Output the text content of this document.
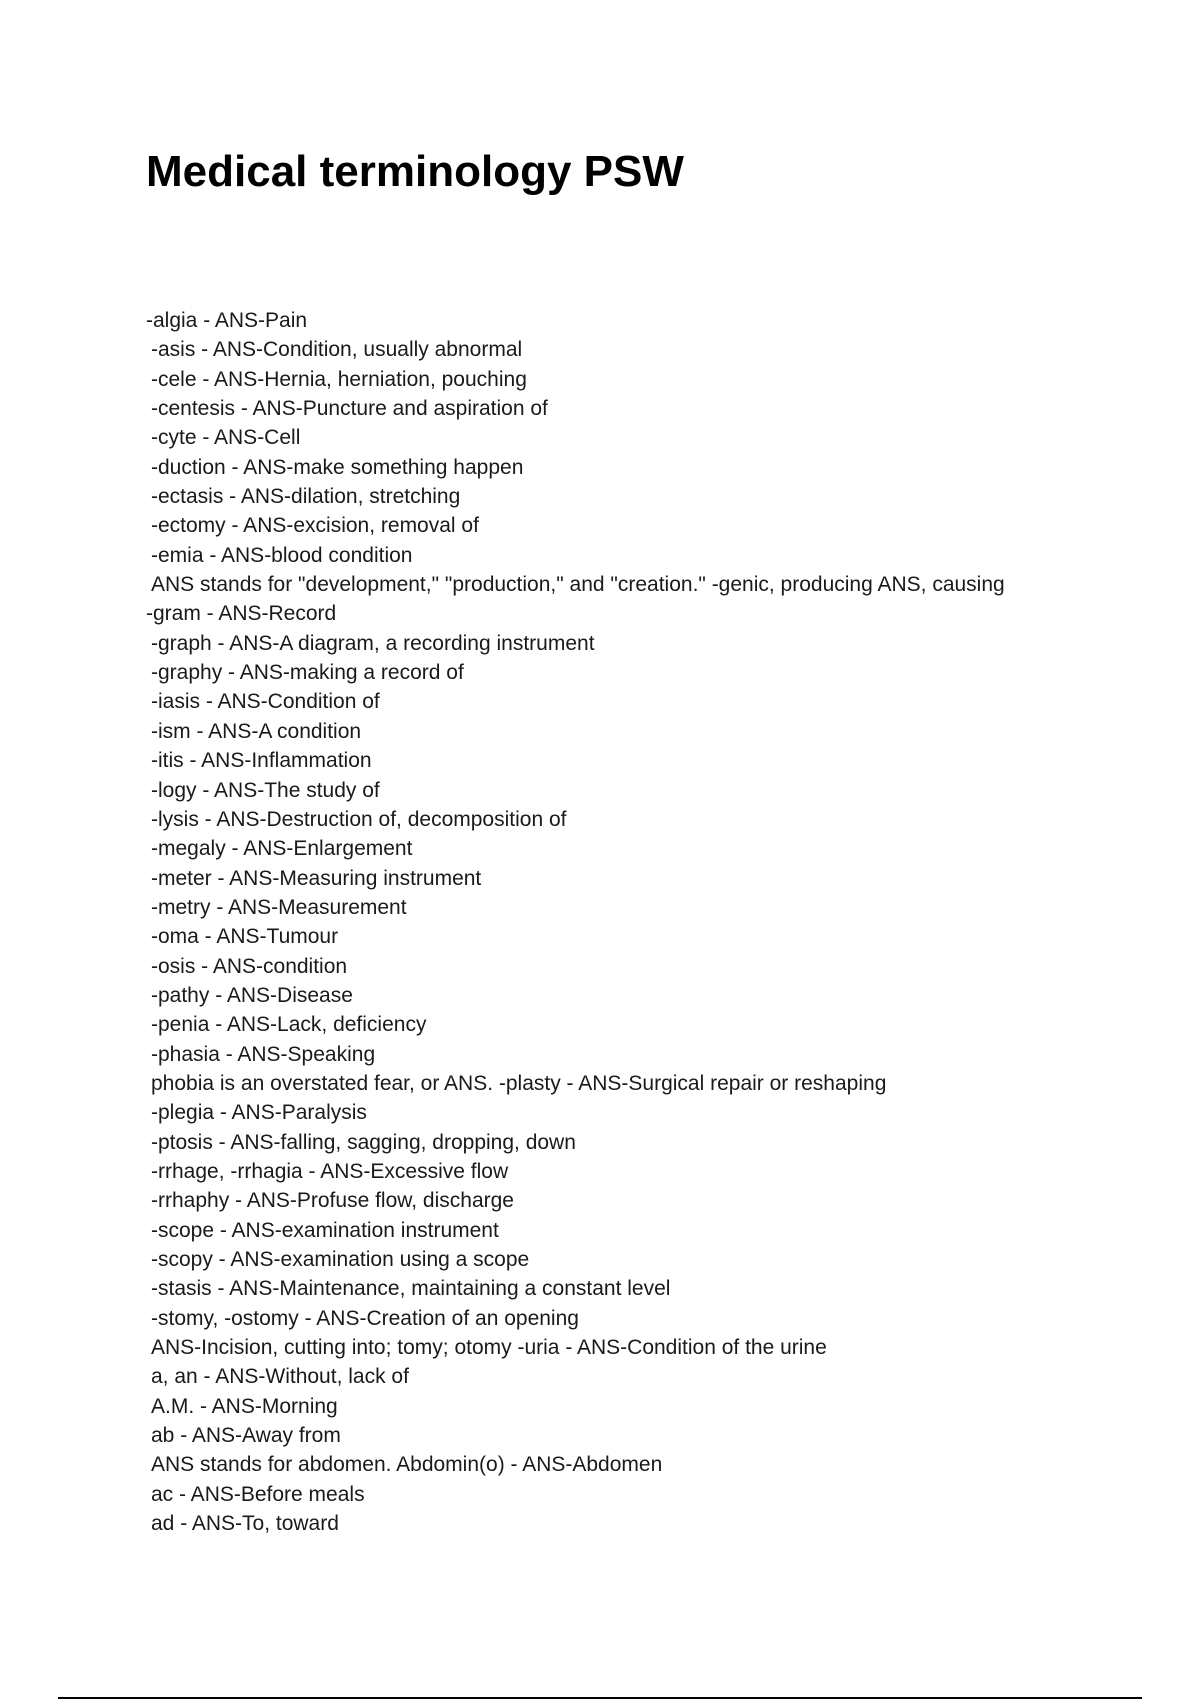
Medical terminology PSW
-algia - ANS-Pain
-asis - ANS-Condition, usually abnormal
-cele - ANS-Hernia, herniation, pouching
-centesis - ANS-Puncture and aspiration of
-cyte - ANS-Cell
-duction - ANS-make something happen
-ectasis - ANS-dilation, stretching
-ectomy - ANS-excision, removal of
-emia - ANS-blood condition
ANS stands for "development," "production," and "creation." -genic, producing ANS, causing
-gram - ANS-Record
-graph - ANS-A diagram, a recording instrument
-graphy - ANS-making a record of
-iasis - ANS-Condition of
-ism - ANS-A condition
-itis - ANS-Inflammation
-logy - ANS-The study of
-lysis - ANS-Destruction of, decomposition of
-megaly - ANS-Enlargement
-meter - ANS-Measuring instrument
-metry - ANS-Measurement
-oma - ANS-Tumour
-osis - ANS-condition
-pathy - ANS-Disease
-penia - ANS-Lack, deficiency
-phasia - ANS-Speaking
phobia is an overstated fear, or ANS. -plasty - ANS-Surgical repair or reshaping
-plegia - ANS-Paralysis
-ptosis - ANS-falling, sagging, dropping, down
-rrhage, -rrhagia - ANS-Excessive flow
-rrhaphy - ANS-Profuse flow, discharge
-scope - ANS-examination instrument
-scopy - ANS-examination using a scope
-stasis - ANS-Maintenance, maintaining a constant level
-stomy, -ostomy - ANS-Creation of an opening
ANS-Incision, cutting into; tomy; otomy -uria - ANS-Condition of the urine
a, an - ANS-Without, lack of
A.M. - ANS-Morning
ab - ANS-Away from
ANS stands for abdomen. Abdomin(o) - ANS-Abdomen
ac - ANS-Before meals
ad - ANS-To, toward
